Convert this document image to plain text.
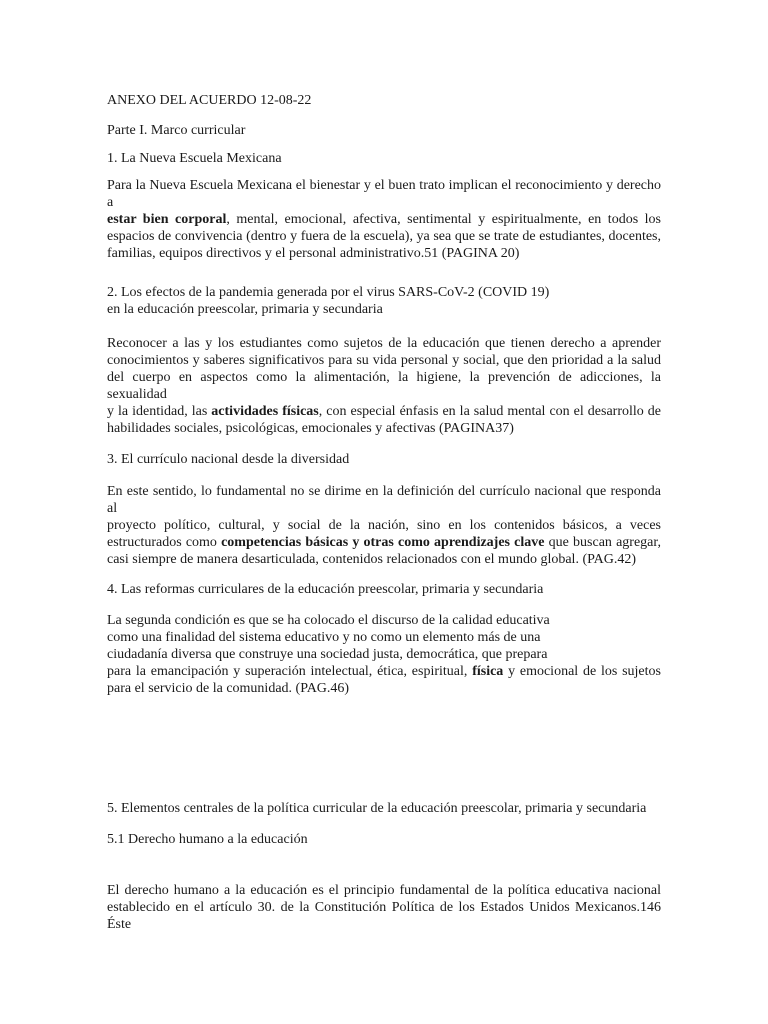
ANEXO DEL ACUERDO 12-08-22

Parte I. Marco curricular

1. La Nueva Escuela Mexicana

Para la Nueva Escuela Mexicana el bienestar y el buen trato implican el reconocimiento y derecho a
estar bien corporal, mental, emocional, afectiva, sentimental y espiritualmente, en todos los
espacios de convivencia (dentro y fuera de la escuela), ya sea que se trate de estudiantes, docentes,
familias, equipos directivos y el personal administrativo.51 (PAGINA 20)
2. Los efectos de la pandemia generada por el virus SARS-CoV-2 (COVID 19)
en la educación preescolar, primaria y secundaria
Reconocer a las y los estudiantes como sujetos de la educación que tienen derecho a aprender
conocimientos y saberes significativos para su vida personal y social, que den prioridad a la salud
del cuerpo en aspectos como la alimentación, la higiene, la prevención de adicciones, la sexualidad
y la identidad, las actividades físicas, con especial énfasis en la salud mental con el desarrollo de
habilidades sociales, psicológicas, emocionales y afectivas (PAGINA37)

3. El currículo nacional desde la diversidad

En este sentido, lo fundamental no se dirime en la definición del currículo nacional que responda al
proyecto político, cultural, y social de la nación, sino en los contenidos básicos, a veces
estructurados como competencias básicas y otras como aprendizajes clave que buscan agregar,
casi siempre de manera desarticulada, contenidos relacionados con el mundo global. (PAG.42)

4. Las reformas curriculares de la educación preescolar, primaria y secundaria

La segunda condición es que se ha colocado el discurso de la calidad educativa
como una finalidad del sistema educativo y no como un elemento más de una
ciudadanía diversa que construye una sociedad justa, democrática, que prepara
para la emancipación y superación intelectual, ética, espiritual, física y emocional de los sujetos
para el servicio de la comunidad. (PAG.46)

5. Elementos centrales de la política curricular de la educación preescolar, primaria y secundaria

5.1 Derecho humano a la educación

El derecho humano a la educación es el principio fundamental de la política educativa nacional
establecido en el artículo 30. de la Constitución Política de los Estados Unidos Mexicanos.146 Éste
